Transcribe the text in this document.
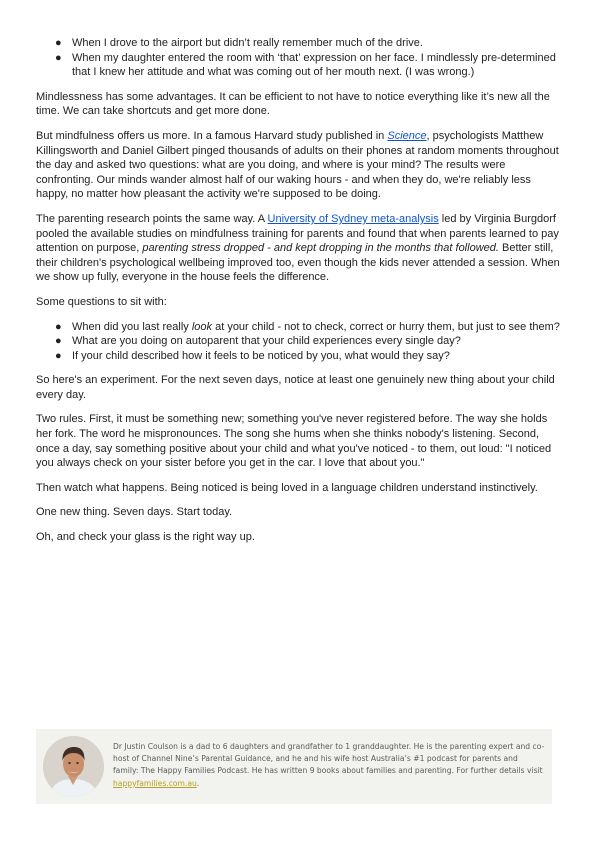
● When I drove to the airport but didn’t really remember much of the drive.
● When my daughter entered the room with ‘that’ expression on her face. I mindlessly pre-determined that I knew her attitude and what was coming out of her mouth next. (I was wrong.)

Mindlessness has some advantages. It can be efficient to not have to notice everything like it’s new all the time. We can take shortcuts and get more done.

But mindfulness offers us more. In a famous Harvard study published in Science, psychologists Matthew Killingsworth and Daniel Gilbert pinged thousands of adults on their phones at random moments throughout the day and asked two questions: what are you doing, and where is your mind? The results were confronting. Our minds wander almost half of our waking hours - and when they do, we're reliably less happy, no matter how pleasant the activity we're supposed to be doing.

The parenting research points the same way. A University of Sydney meta-analysis led by Virginia Burgdorf pooled the available studies on mindfulness training for parents and found that when parents learned to pay attention on purpose, parenting stress dropped - and kept dropping in the months that followed. Better still, their children's psychological wellbeing improved too, even though the kids never attended a session. When we show up fully, everyone in the house feels the difference.

Some questions to sit with:

● When did you last really look at your child - not to check, correct or hurry them, but just to see them?
● What are you doing on autoparent that your child experiences every single day?
● If your child described how it feels to be noticed by you, what would they say?

So here's an experiment. For the next seven days, notice at least one genuinely new thing about your child every day.

Two rules. First, it must be something new; something you've never registered before. The way she holds her fork. The word he mispronounces. The song she hums when she thinks nobody's listening. Second, once a day, say something positive about your child and what you've noticed - to them, out loud: "I noticed you always check on your sister before you get in the car. I love that about you."

Then watch what happens. Being noticed is being loved in a language children understand instinctively.

One new thing. Seven days. Start today.

Oh, and check your glass is the right way up.

Dr Justin Coulson is a dad to 6 daughters and grandfather to 1 granddaughter. He is the parenting expert and co-host of Channel Nine’s Parental Guidance, and he and his wife host Australia’s #1 podcast for parents and family: The Happy Families Podcast. He has written 9 books about families and parenting. For further details visit happyfamilies.com.au.
